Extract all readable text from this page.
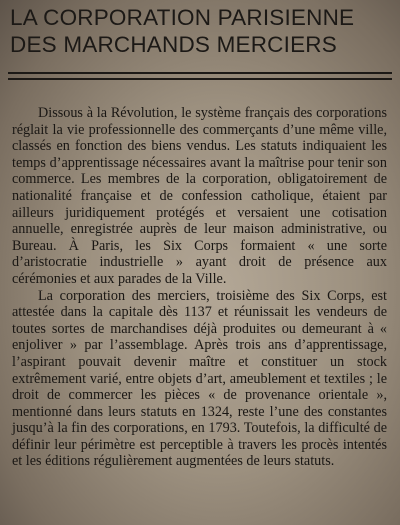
LA CORPORATION PARISIENNE
DES MARCHANDS MERCIERS

Dissous à la Révolution, le système français des corporations réglait la vie professionnelle des commerçants d’une même ville, classés en fonction des biens vendus. Les statuts indiquaient les temps d’apprentissage nécessaires avant la maîtrise pour tenir son commerce. Les membres de la corporation, obligatoirement de nationalité française et de confession catholique, étaient par ailleurs juridiquement protégés et versaient une cotisation annuelle, enregistrée auprès de leur maison administrative, ou Bureau. À Paris, les Six Corps formaient « une sorte d’aristocratie industrielle » ayant droit de présence aux cérémonies et aux parades de la Ville.

La corporation des merciers, troisième des Six Corps, est attestée dans la capitale dès 1137 et réunissait les vendeurs de toutes sortes de marchandises déjà produites ou demeurant à « enjoliver » par l’assemblage. Après trois ans d’apprentissage, l’aspirant pouvait devenir maître et constituer un stock extrêmement varié, entre objets d’art, ameublement et textiles ; le droit de commercer les pièces « de provenance orientale », mentionné dans leurs statuts en 1324, reste l’une des constantes jusqu’à la fin des corporations, en 1793. Toutefois, la difficulté de définir leur périmètre est perceptible à travers les procès intentés et les éditions régulièrement augmentées de leurs statuts.
